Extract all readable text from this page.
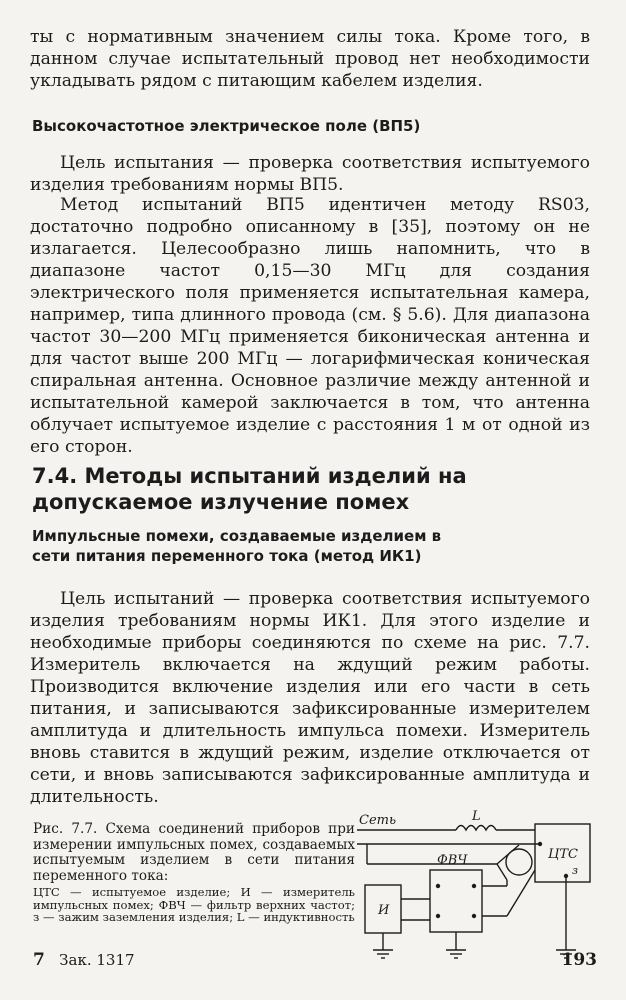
ты с нормативным значением силы тока. Кроме того, в данном случае испытательный провод нет необходимости укладывать рядом с питающим кабелем изделия.

Высокочастотное электрическое поле (ВП5)

Цель испытания — проверка соответствия испытуемого изделия требованиям нормы ВП5.

Метод испытаний ВП5 идентичен методу RS03, достаточно подробно описанному в [35], поэтому он не излагается. Целесообразно лишь напомнить, что в диапазоне частот 0,15—30 МГц для создания электрического поля применяется испытательная камера, например, типа длинного провода (см. § 5.6). Для диапазона частот 30—200 МГц применяется биконическая антенна и для частот выше 200 МГц — логарифмическая коническая спиральная антенна. Основное различие между антенной и испытательной камерой заключается в том, что антенна облучает испытуемое изделие с расстояния 1 м от одной из его сторон.

7.4. Методы испытаний изделий на допускаемое излучение помех
Импульсные помехи, создаваемые изделием в сети питания переменного тока (метод ИК1)

Цель испытаний — проверка соответствия испытуемого изделия требованиям нормы ИК1. Для этого изделие и необходимые приборы соединяются по схеме на рис. 7.7. Измеритель включается на ждущий режим работы. Производится включение изделия или его части в сеть питания, и записываются зафиксированные измерителем амплитуда и длительность импульса помехи. Измеритель вновь ставится в ждущий режим, изделие отключается от сети, и вновь записываются зафиксированные амплитуда и длительность.

Рис. 7.7. Схема соединений приборов при измерении импульсных помех, создаваемых испытуемым изделием в сети питания переменного тока:

ЦТС — испытуемое изделие; И — измеритель импульсных помех; ФВЧ — фильтр верхних частот; з — зажим заземления изделия; L — индуктивность

Сеть	L
ФВЧ	ЦТС
И
з
7 Зак. 1317	193
